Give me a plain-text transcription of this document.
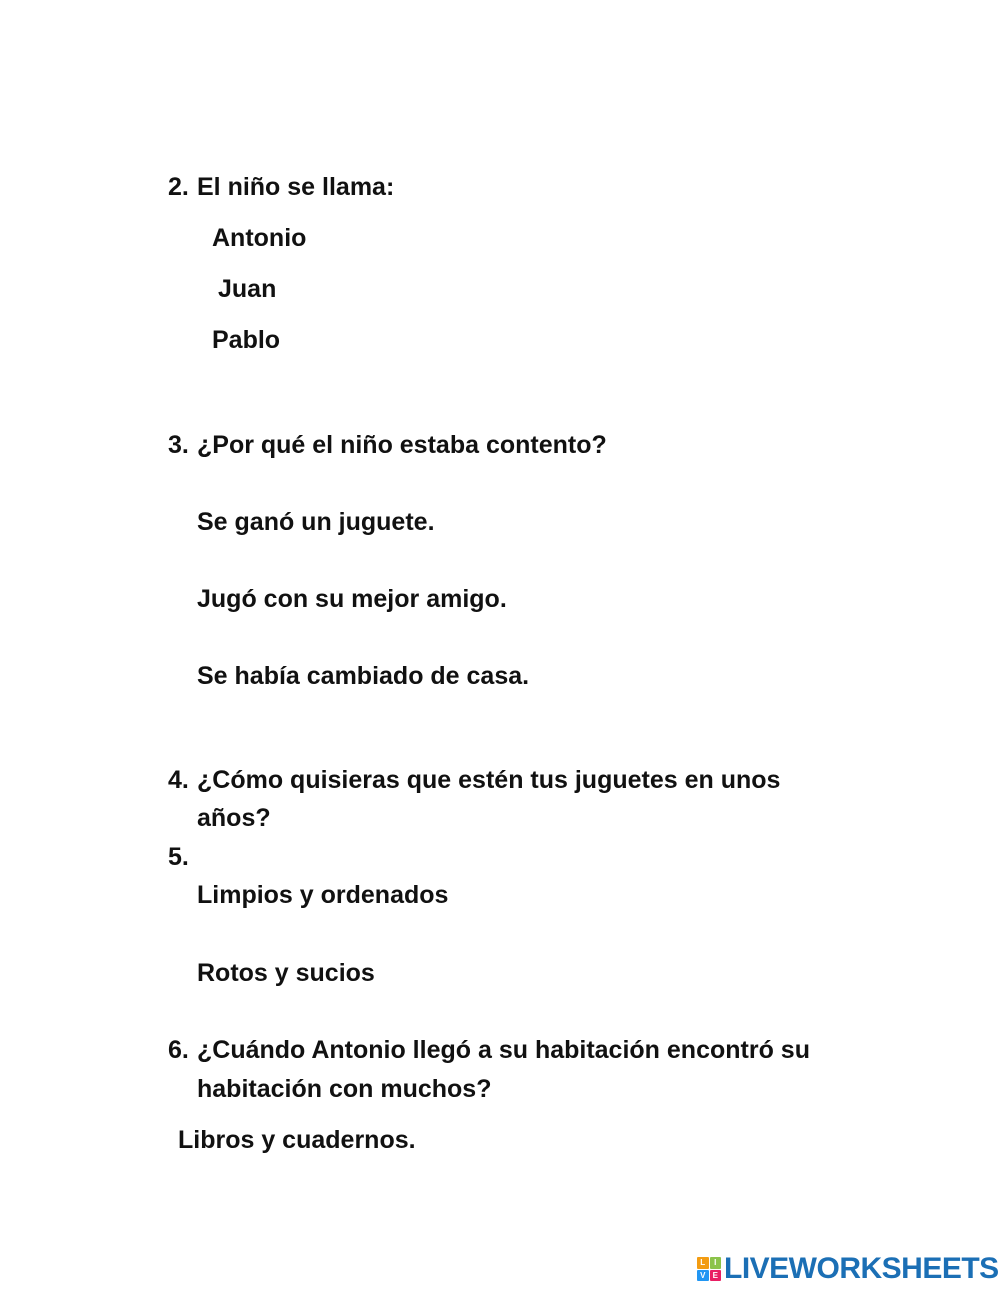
2. El niño se llama:
Antonio
Juan
Pablo
3. ¿Por qué el niño estaba contento?
Se ganó un juguete.
Jugó con su mejor amigo.
Se había cambiado de casa.
4. ¿Cómo quisieras que estén tus juguetes en unos
años?
5.
Limpios y ordenados
Rotos y sucios
6. ¿Cuándo Antonio llegó a su habitación encontró su
habitación con muchos?
Libros y cuadernos.
L	I
V E LIVEWORKSHEETS
